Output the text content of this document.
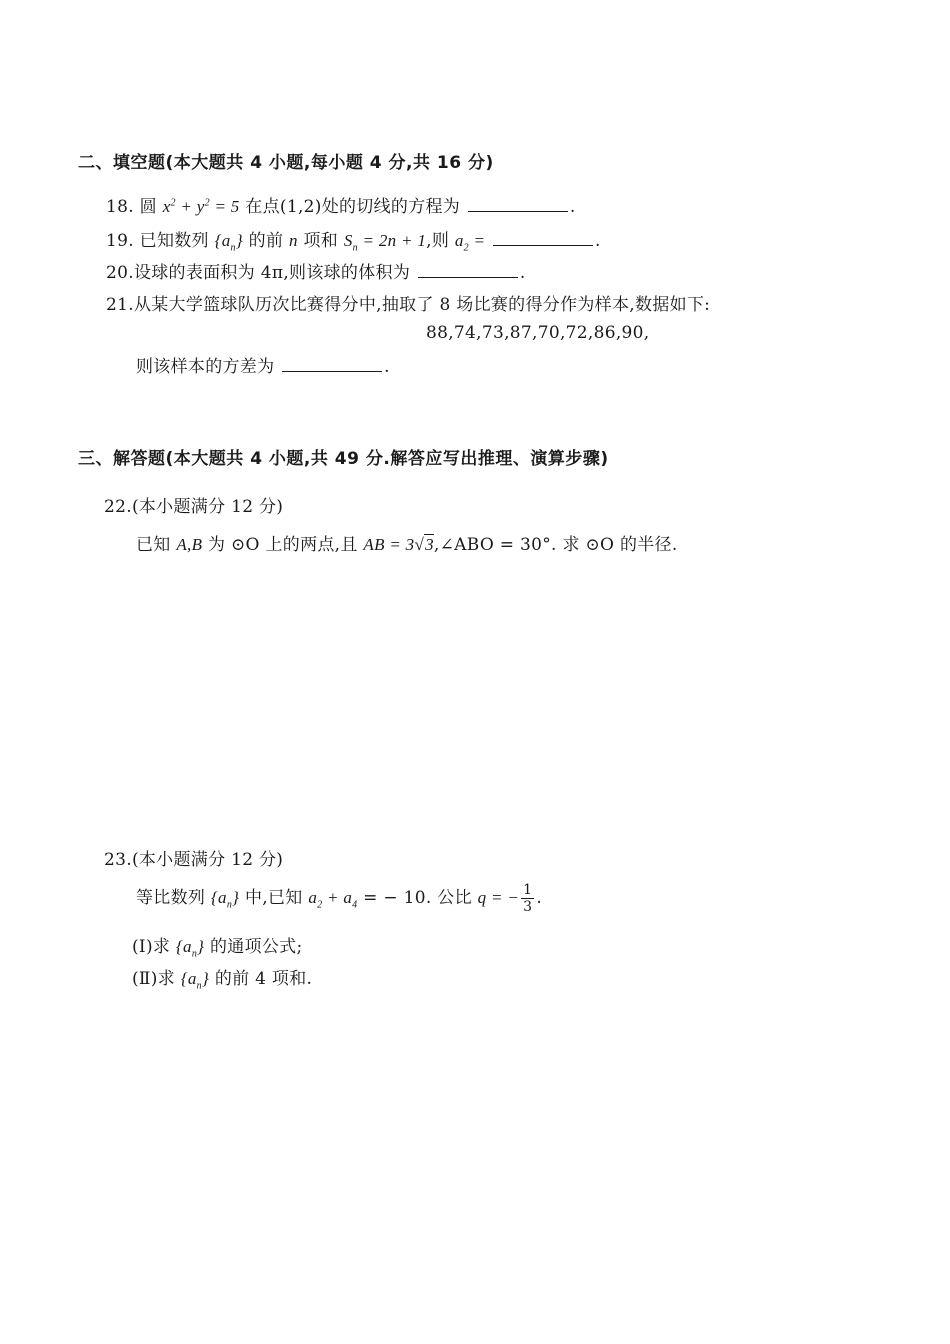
二、填空题(本大题共 4 小题,每小题 4 分,共 16 分)
18. 圆 $x^2 + y^2 = 5$ 在点(1,2)处的切线的方程为	.
19. 已知数列 $\{a_n\}$ 的前 n 项和 $S_n = 2n + 1$,则 $a_2$ =	.
20.设球的表面积为 4π,则该球的体积为	.
21.从某大学篮球队历次比赛得分中,抽取了 8 场比赛的得分作为样本,数据如下:
88,74,73,87,70,72,86,90,
则该样本的方差为	.
三、解答题(本大题共 4 小题,共 49 分.解答应写出推理、演算步骤)
22.(本小题满分 12 分)
已知 A,B 为 ⊙O 上的两点,且 AB = 3√3,∠ABO = 30°. 求 ⊙O 的半径.
23.(本小题满分 12 分)
等比数列 $\{a_n\}$ 中,已知 $a_2 + a_4$ = − 10. 公比 q = − $\frac{1}{3}$ .
(Ⅰ)求 $\{a_n\}$ 的通项公式;
(Ⅱ)求 $\{a_n\}$ 的前 4 项和.
